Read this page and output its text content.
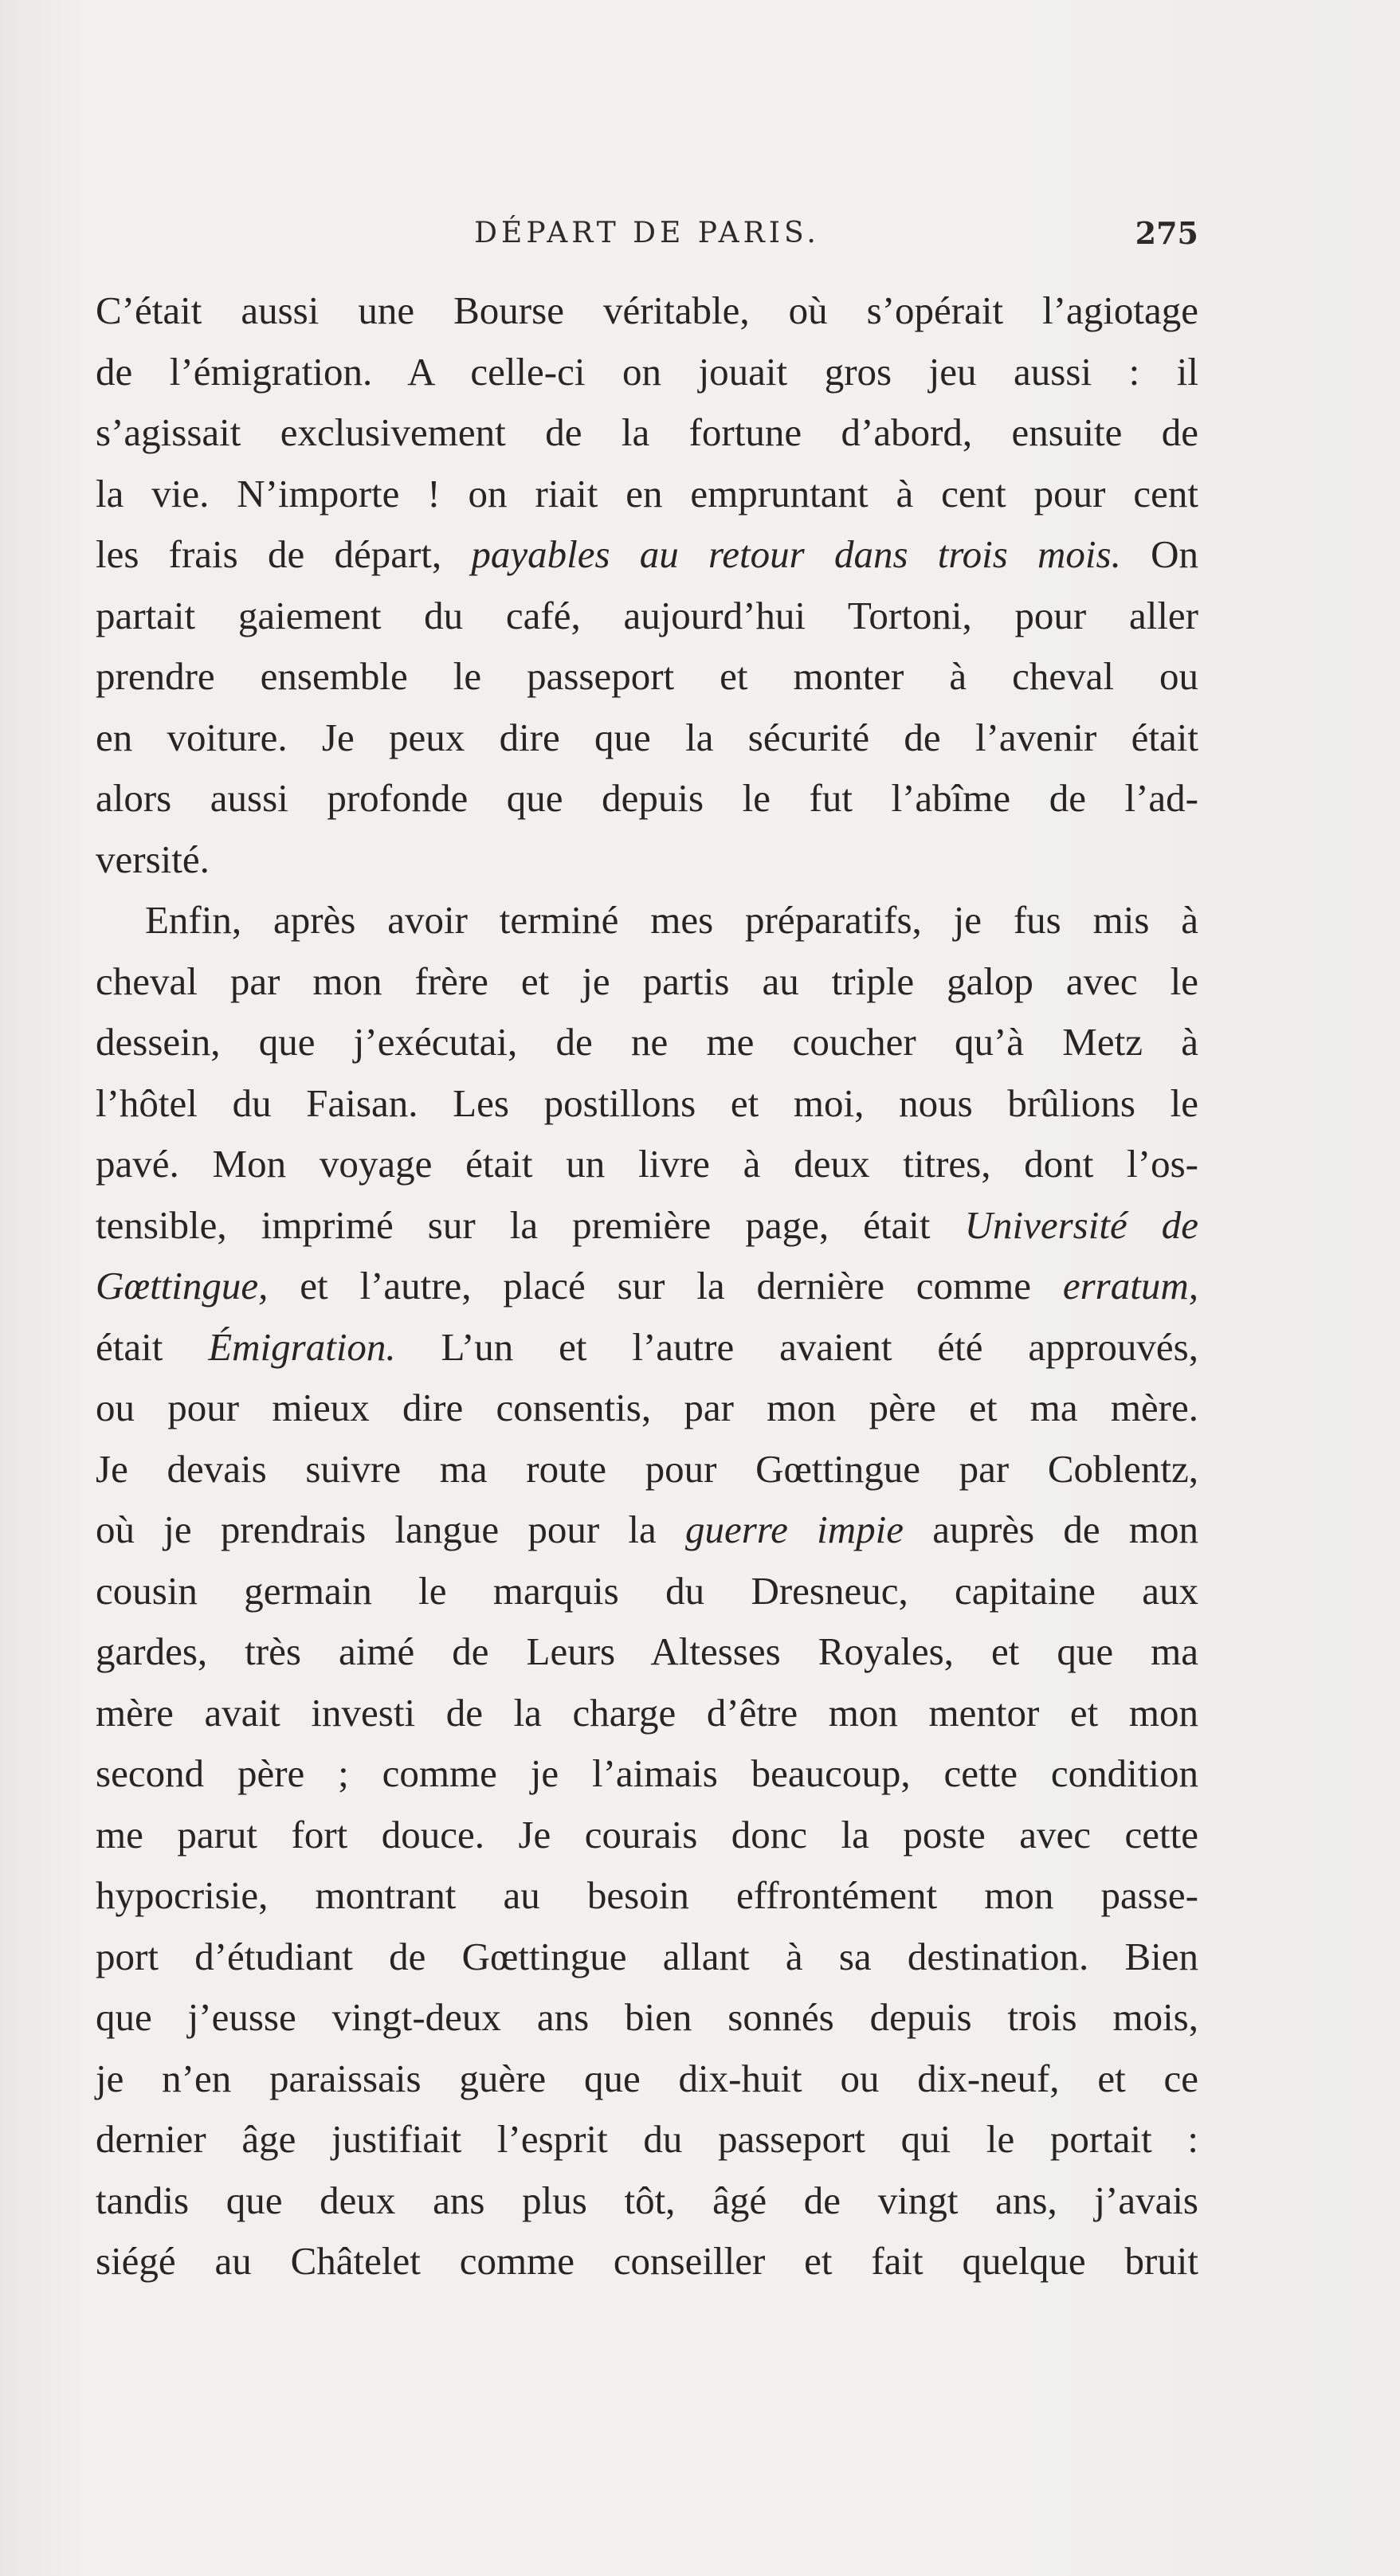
DÉPART DE PARIS.	275
C’était aussi une Bourse véritable, où s’opérait l’agiotage
de l’émigration. A celle-ci on jouait gros jeu aussi : il
s’agissait exclusivement de la fortune d’abord, ensuite de
la vie. N’importe ! on riait en empruntant à cent pour cent
les frais de départ, payables au retour dans trois mois. On
partait gaiement du café, aujourd’hui Tortoni, pour aller
prendre ensemble le passeport et monter à cheval ou
en voiture. Je peux dire que la sécurité de l’avenir était
alors aussi profonde que depuis le fut l’abîme de l’ad-
versité.
Enfin, après avoir terminé mes préparatifs, je fus mis à
cheval par mon frère et je partis au triple galop avec le
dessein, que j’exécutai, de ne me coucher qu’à Metz à
l’hôtel du Faisan. Les postillons et moi, nous brûlions le
pavé. Mon voyage était un livre à deux titres, dont l’os-
tensible, imprimé sur la première page, était Université de
Gœttingue, et l’autre, placé sur la dernière comme erratum,
était Émigration. L’un et l’autre avaient été approuvés,
ou pour mieux dire consentis, par mon père et ma mère.
Je devais suivre ma route pour Gœttingue par Coblentz,
où je prendrais langue pour la guerre impie auprès de mon
cousin germain le marquis du Dresneuc, capitaine aux
gardes, très aimé de Leurs Altesses Royales, et que ma
mère avait investi de la charge d’être mon mentor et mon
second père ; comme je l’aimais beaucoup, cette condition
me parut fort douce. Je courais donc la poste avec cette
hypocrisie, montrant au besoin effrontément mon passe-
port d’étudiant de Gœttingue allant à sa destination. Bien
que j’eusse vingt-deux ans bien sonnés depuis trois mois,
je n’en paraissais guère que dix-huit ou dix-neuf, et ce
dernier âge justifiait l’esprit du passeport qui le portait :
tandis que deux ans plus tôt, âgé de vingt ans, j’avais
siégé au Châtelet comme conseiller et fait quelque bruit
